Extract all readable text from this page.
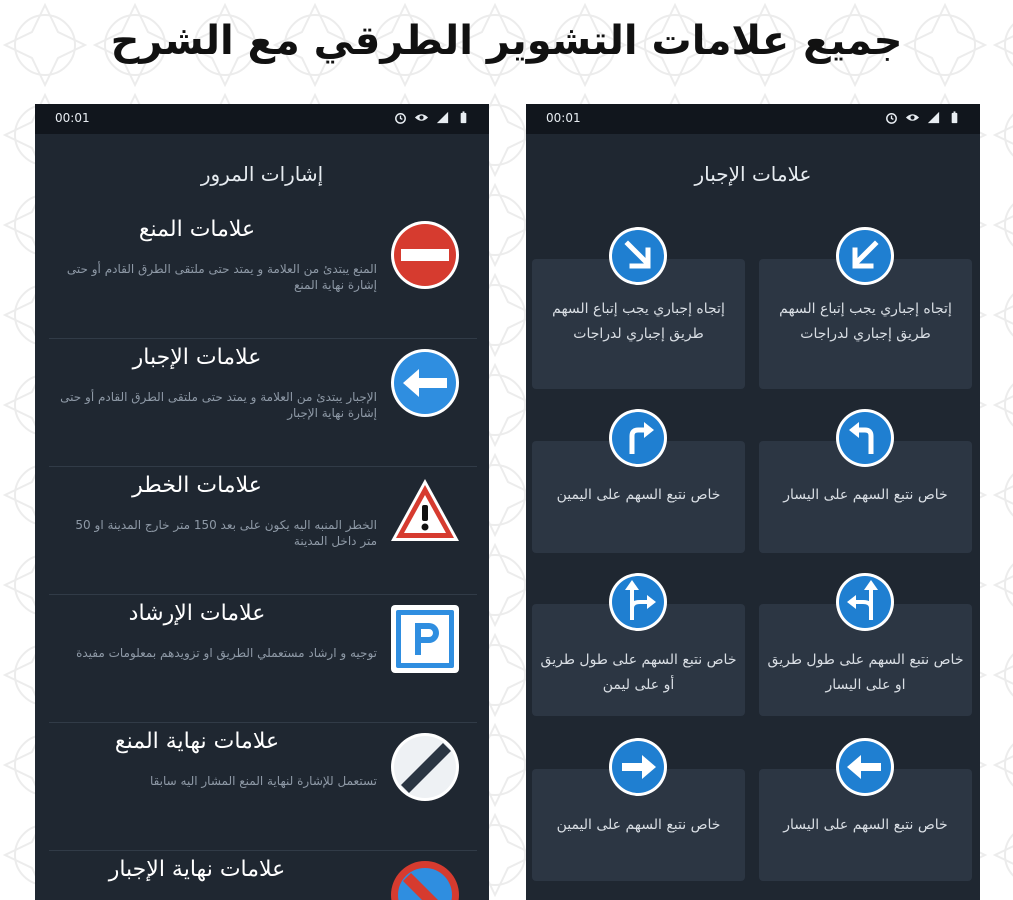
جميع علامات التشوير الطرقي مع الشرح
00:01
إشارات المرور
علامات المنع
المنع يبتدئ من العلامة و يمتد حتى ملتقى الطرق القادم أو حتى إشارة نهاية المنع
علامات الإجبار
الإجبار يبتدئ من العلامة و يمتد حتى ملتقى الطرق القادم أو حتى إشارة نهاية الإجبار
علامات الخطر
الخطر المنبه اليه يكون على بعد 150 متر خارج المدينة او 50 متر داخل المدينة
علامات الإرشاد
توجيه و ارشاد مستعملي الطريق او تزويدهم بمعلومات مفيدة
علامات نهاية المنع
تستعمل للإشارة لنهاية المنع المشار اليه سابقا
علامات نهاية الإجبار
00:01
علامات الإجبار
إتجاه إجباري يجب إتباع السهم طريق إجباري لدراجات
إتجاه إجباري يجب إتباع السهم طريق إجباري لدراجات
خاص نتبع السهم على اليسار
خاص نتبع السهم على اليمين
خاص نتبع السهم على طول طريق او على اليسار
خاص نتبع السهم على طول طريق أو على ليمن
خاص نتبع السهم على اليسار
خاص نتبع السهم على اليمين
